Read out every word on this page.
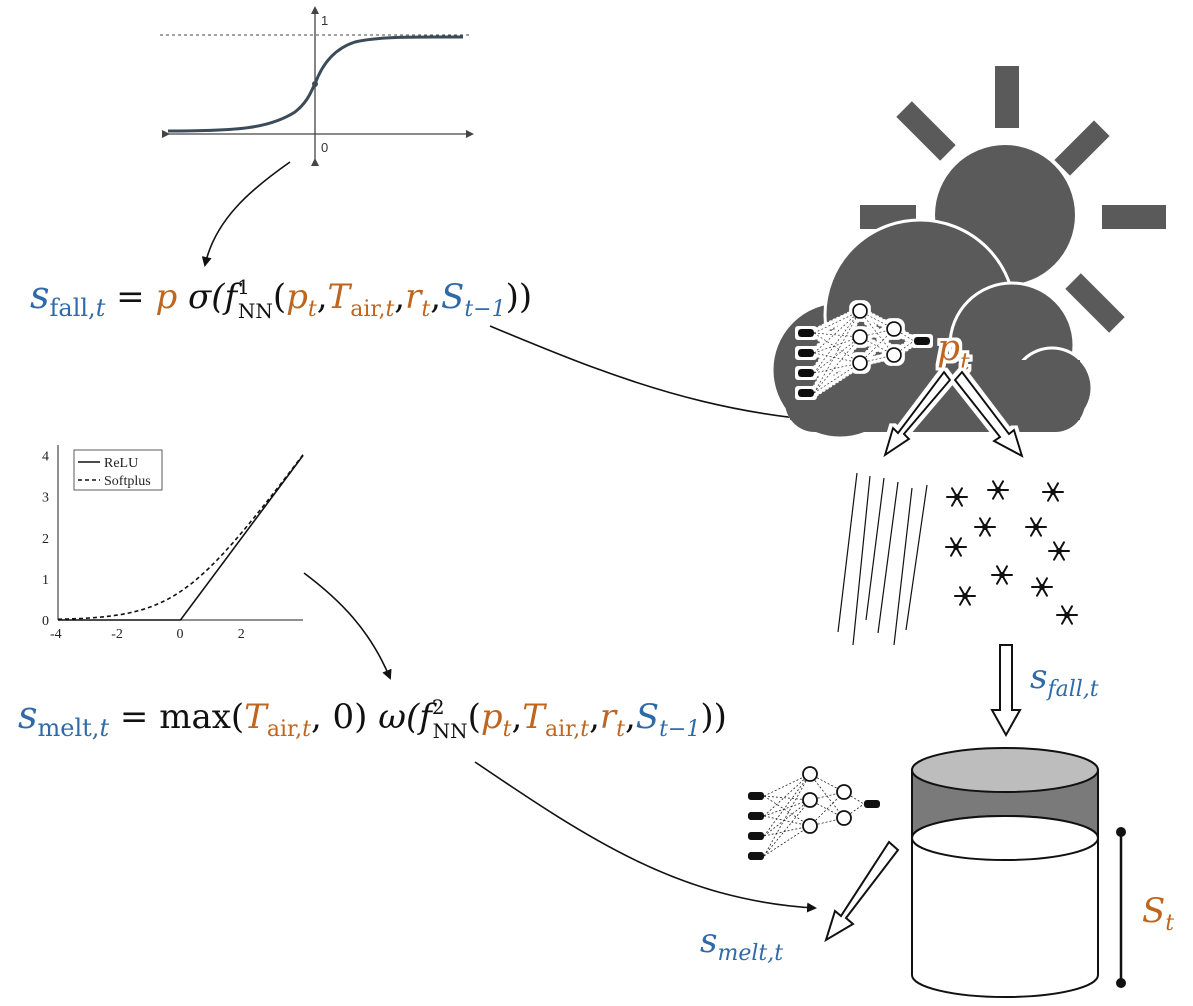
1
0
$s_{fall,}t = p$ $\sigma(f^1$ $NN(p_t,T_{air,}t,r_t,S_{t-1})$)
0
1
2
3
4
-4	-2	0	2
ReLU
Softplus
$s_{melt,}t = \max(T_{air,}t$, 0) $\omega(f^2$ $NN(p_t,T_{air,}t,r_t,S_{t-1})$)
$p_t$
$s_{fall,t}$
$S_t$
$s_{melt,t}$
